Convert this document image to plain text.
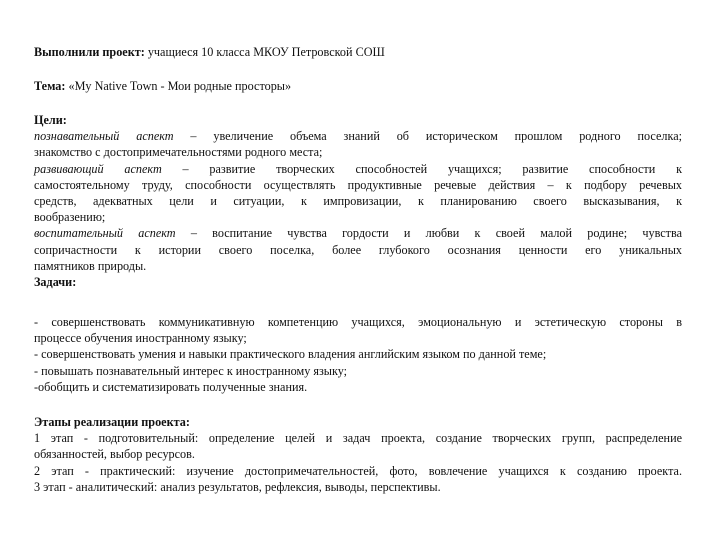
Выполнили проект: учащиеся 10 класса МКОУ Петровской СОШ
Тема: «My Native Town - Мои родные просторы»
Цели:
познавательный аспект – увеличение объема знаний об историческом прошлом родного поселка;
знакомство с достопримечательностями родного места;
развивающий аспект – развитие творческих способностей учащихся; развитие способности к
самостоятельному труду, способности осуществлять продуктивные речевые действия – к подбору речевых
средств, адекватных цели и ситуации, к импровизации, к планированию своего высказывания, к
вообразению;
воспитательный аспект – воспитание чувства гордости и любви к своей малой родине; чувства
сопричастности к истории своего поселка, более глубокого осознания ценности его уникальных
памятников природы.
Задачи:
- совершенствовать коммуникативную компетенцию учащихся, эмоциональную и эстетическую стороны в
процессе обучения иностранному языку;
- совершенствовать умения и навыки практического владения английским языком по данной теме;
- повышать познавательный интерес к иностранному языку;
-обобщить и систематизировать полученные знания.
Этапы реализации проекта:
1 этап - подготовительный: определение целей и задач проекта, создание творческих групп, распределение
обязанностей, выбор ресурсов.
2 этап - практический: изучение достопримечательностей, фото, вовлечение учащихся к созданию проекта.
3 этап - аналитический: анализ результатов, рефлексия, выводы, перспективы.
